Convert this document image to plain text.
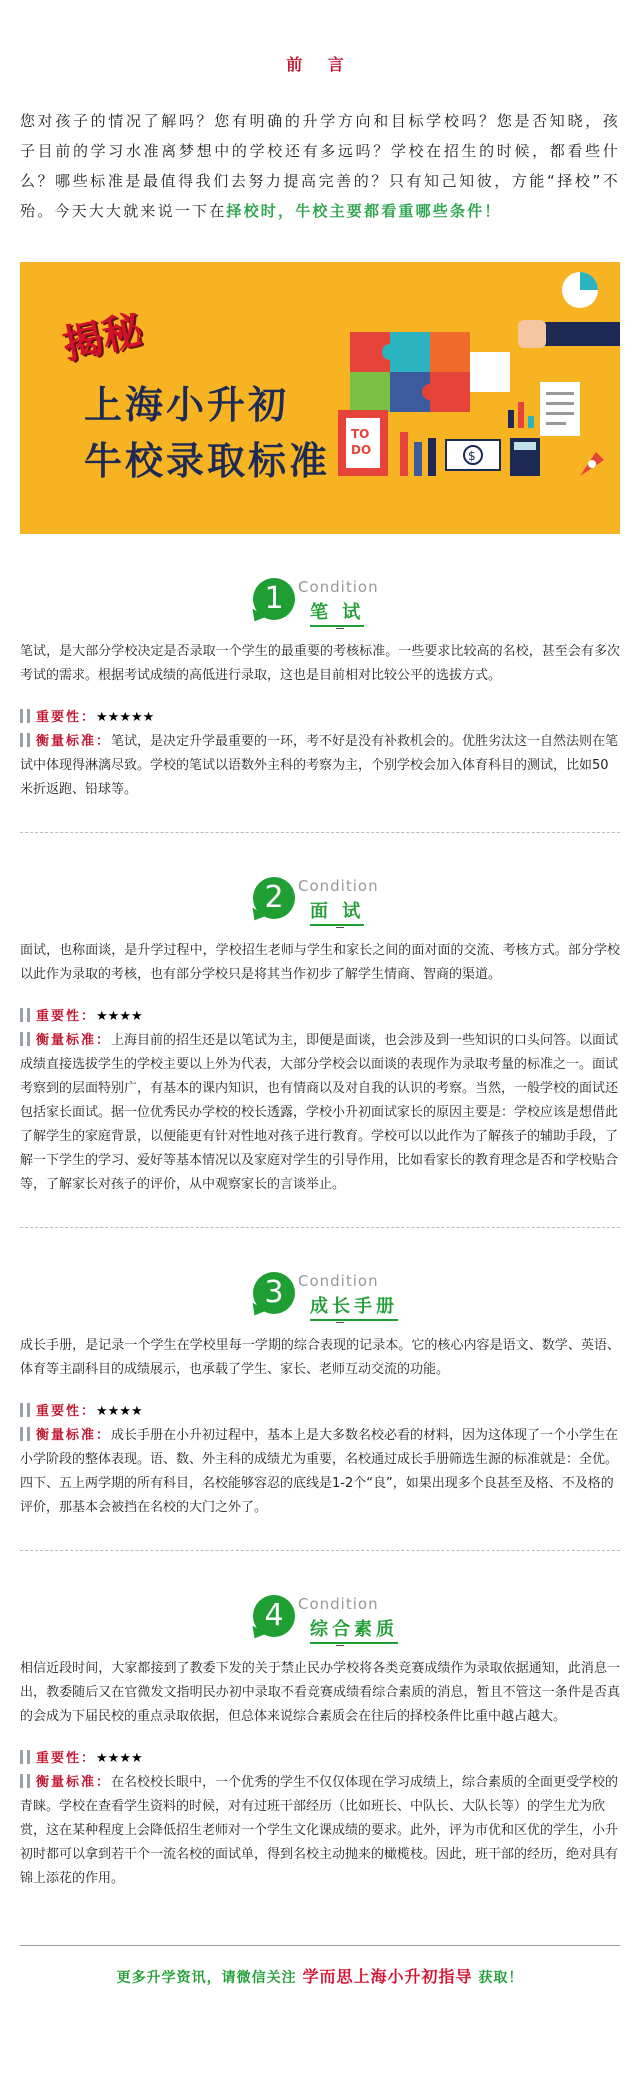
前 言

您对孩子的情况了解吗？您有明确的升学方向和目标学校吗？您是否知晓，孩子目前的学习水准离梦想中的学校还有多远吗？学校在招生的时候，都看些什么？哪些标准是最值得我们去努力提高完善的？只有知己知彼，方能“择校”不殆。今天大大就来说一下在择校时，牛校主要都看重哪些条件！

揭秘
上海小升初
牛校录取标准
TO
DO	$
1 Condition
笔 试

笔试，是大部分学校决定是否录取一个学生的最重要的考核标准。一些要求比较高的名校，甚至会有多次考试的需求。根据考试成绩的高低进行录取，这也是目前相对比较公平的选拔方式。

重要性：★★★★★
衡量标准：笔试，是决定升学最重要的一环，考不好是没有补救机会的。优胜劣汰这一自然法则在笔试中体现得淋漓尽致。学校的笔试以语数外主科的考察为主，个别学校会加入体育科目的测试，比如50米折返跑、铅球等。
2 Condition
面 试

面试，也称面谈，是升学过程中，学校招生老师与学生和家长之间的面对面的交流、考核方式。部分学校以此作为录取的考核，也有部分学校只是将其当作初步了解学生情商、智商的渠道。

重要性：★★★★
衡量标准：上海目前的招生还是以笔试为主，即便是面谈，也会涉及到一些知识的口头问答。以面试成绩直接选拔学生的学校主要以上外为代表，大部分学校会以面谈的表现作为录取考量的标准之一。面试考察到的层面特别广，有基本的课内知识，也有情商以及对自我的认识的考察。当然，一般学校的面试还包括家长面试。据一位优秀民办学校的校长透露，学校小升初面试家长的原因主要是：学校应该是想借此了解学生的家庭背景，以便能更有针对性地对孩子进行教育。学校可以以此作为了解孩子的辅助手段，了解一下学生的学习、爱好等基本情况以及家庭对学生的引导作用，比如看家长的教育理念是否和学校贴合等，了解家长对孩子的评价，从中观察家长的言谈举止。
3 Condition
成长手册

成长手册，是记录一个学生在学校里每一学期的综合表现的记录本。它的核心内容是语文、数学、英语、体育等主副科目的成绩展示，也承载了学生、家长、老师互动交流的功能。

重要性：★★★★
衡量标准：成长手册在小升初过程中，基本上是大多数名校必看的材料，因为这体现了一个小学生在小学阶段的整体表现。语、数、外主科的成绩尤为重要，名校通过成长手册筛选生源的标准就是：全优。四下、五上两学期的所有科目，名校能够容忍的底线是1-2个“良”，如果出现多个良甚至及格、不及格的评价，那基本会被挡在名校的大门之外了。
4 Condition
综合素质

相信近段时间，大家都接到了教委下发的关于禁止民办学校将各类竞赛成绩作为录取依据通知，此消息一出，教委随后又在官微发文指明民办初中录取不看竞赛成绩看综合素质的消息，暂且不管这一条件是否真的会成为下届民校的重点录取依据，但总体来说综合素质会在往后的择校条件比重中越占越大。

重要性：★★★★
衡量标准：在名校校长眼中，一个优秀的学生不仅仅体现在学习成绩上，综合素质的全面更受学校的青睐。学校在查看学生资料的时候，对有过班干部经历（比如班长、中队长、大队长等）的学生尤为欣赏，这在某种程度上会降低招生老师对一个学生文化课成绩的要求。此外，评为市优和区优的学生，小升初时都可以拿到若干个一流名校的面试单，得到名校主动抛来的橄榄枝。因此，班干部的经历，绝对具有锦上添花的作用。
更多升学资讯，请微信关注 学而思上海小升初指导 获取！
